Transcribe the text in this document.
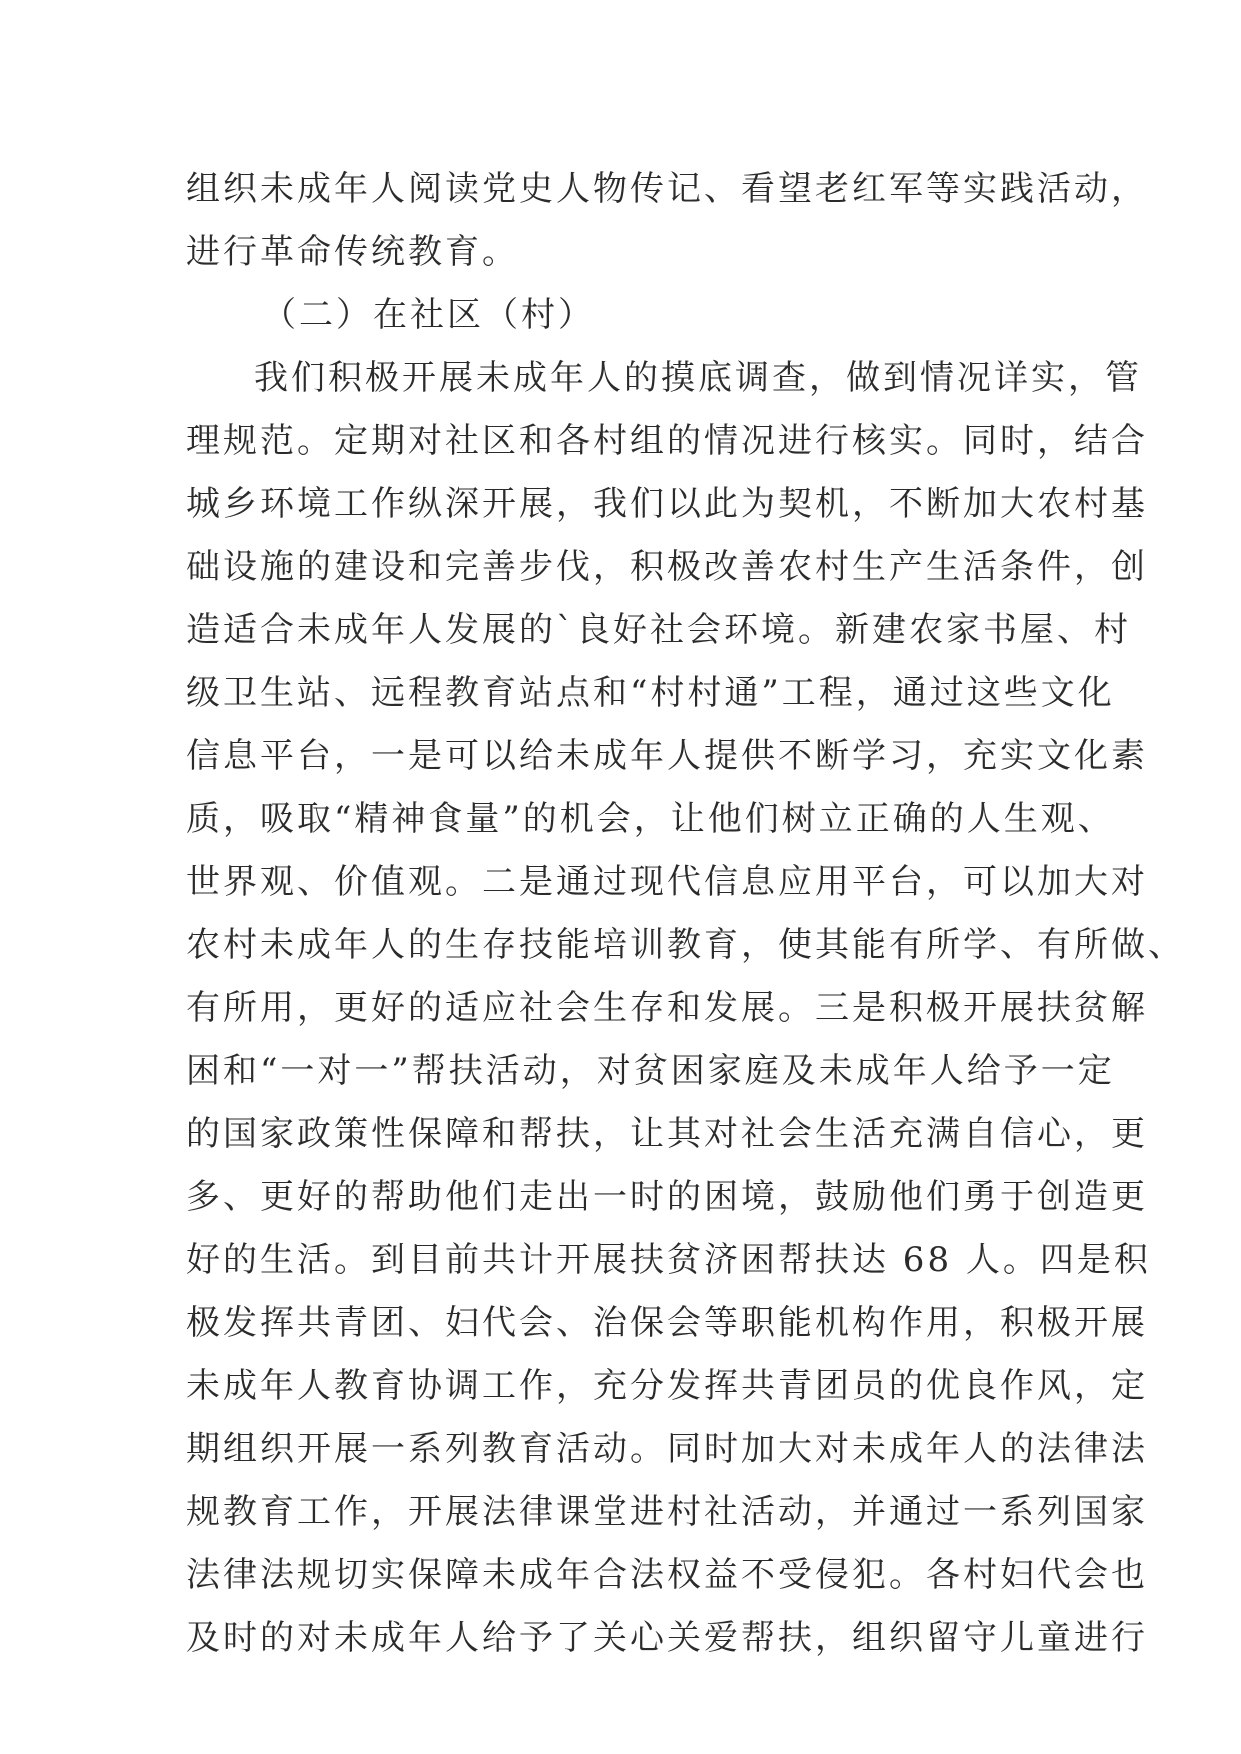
组织未成年人阅读党史人物传记、看望老红军等实践活动，
进行革命传统教育。
（二）在社区（村）
我们积极开展未成年人的摸底调查，做到情况详实，管
理规范。定期对社区和各村组的情况进行核实。同时，结合
城乡环境工作纵深开展，我们以此为契机，不断加大农村基
础设施的建设和完善步伐，积极改善农村生产生活条件，创
造适合未成年人发展的`良好社会环境。新建农家书屋、村
级卫生站、远程教育站点和“村村通”工程，通过这些文化
信息平台，一是可以给未成年人提供不断学习，充实文化素
质，吸取“精神食量”的机会，让他们树立正确的人生观、
世界观、价值观。二是通过现代信息应用平台，可以加大对
农村未成年人的生存技能培训教育，使其能有所学、有所做、
有所用，更好的适应社会生存和发展。三是积极开展扶贫解
困和“一对一”帮扶活动，对贫困家庭及未成年人给予一定
的国家政策性保障和帮扶，让其对社会生活充满自信心，更
多、更好的帮助他们走出一时的困境，鼓励他们勇于创造更
好的生活。到目前共计开展扶贫济困帮扶达 68 人。四是积
极发挥共青团、妇代会、治保会等职能机构作用，积极开展
未成年人教育协调工作，充分发挥共青团员的优良作风，定
期组织开展一系列教育活动。同时加大对未成年人的法律法
规教育工作，开展法律课堂进村社活动，并通过一系列国家
法律法规切实保障未成年合法权益不受侵犯。各村妇代会也
及时的对未成年人给予了关心关爱帮扶，组织留守儿童进行
